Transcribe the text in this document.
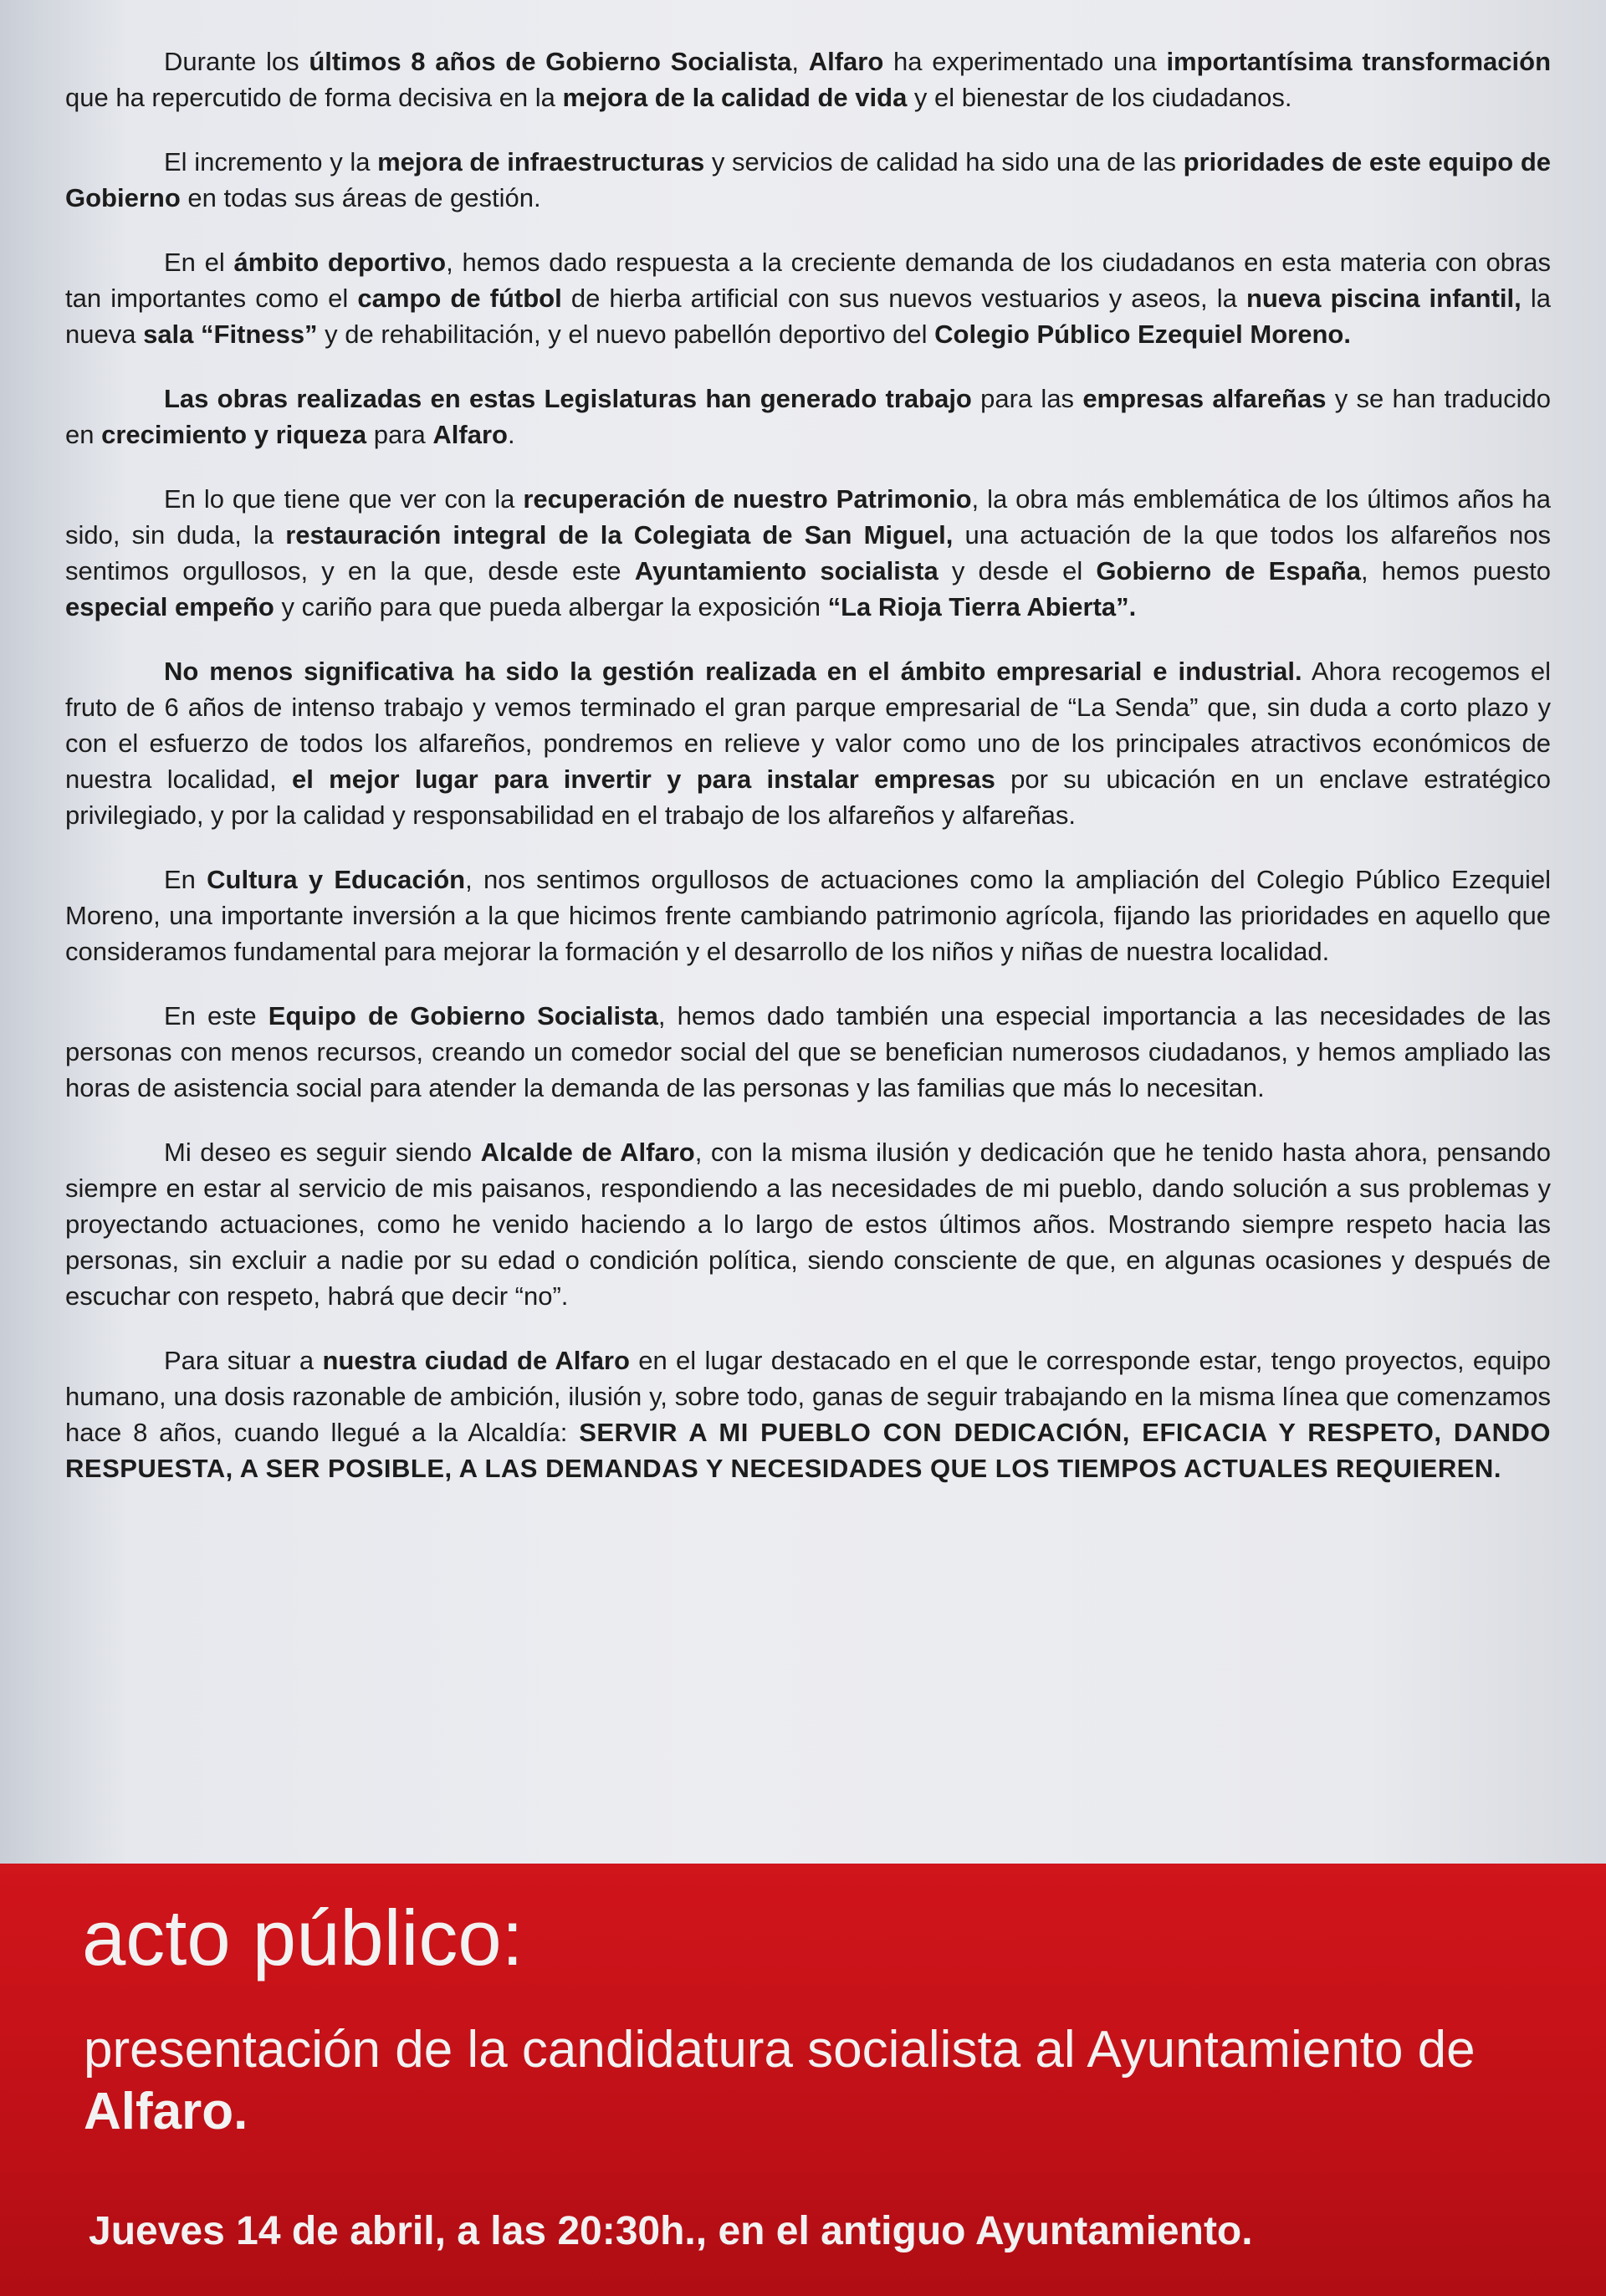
Durante los últimos 8 años de Gobierno Socialista, Alfaro ha experimentado una importantísima transformación que ha repercutido de forma decisiva en la mejora de la calidad de vida y el bienestar de los ciudadanos.

El incremento y la mejora de infraestructuras y servicios de calidad ha sido una de las prioridades de este equipo de Gobierno en todas sus áreas de gestión.

En el ámbito deportivo, hemos dado respuesta a la creciente demanda de los ciudadanos en esta materia con obras tan importantes como el campo de fútbol de hierba artificial con sus nuevos vestuarios y aseos, la nueva piscina infantil, la nueva sala “Fitness” y de rehabilitación, y el nuevo pabellón deportivo del Colegio Público Ezequiel Moreno.

Las obras realizadas en estas Legislaturas han generado trabajo para las empresas alfareñas y se han traducido en crecimiento y riqueza para Alfaro.

En lo que tiene que ver con la recuperación de nuestro Patrimonio, la obra más emblemática de los últimos años ha sido, sin duda, la restauración integral de la Colegiata de San Miguel, una actuación de la que todos los alfareños nos sentimos orgullosos, y en la que, desde este Ayuntamiento socialista y desde el Gobierno de España, hemos puesto especial empeño y cariño para que pueda albergar la exposición “La Rioja Tierra Abierta”.

No menos significativa ha sido la gestión realizada en el ámbito empresarial e industrial. Ahora recogemos el fruto de 6 años de intenso trabajo y vemos terminado el gran parque empresarial de “La Senda” que, sin duda a corto plazo y con el esfuerzo de todos los alfareños, pondremos en relieve y valor como uno de los principales atractivos económicos de nuestra localidad, el mejor lugar para invertir y para instalar empresas por su ubicación en un enclave estratégico privilegiado, y por la calidad y responsabilidad en el trabajo de los alfareños y alfareñas.

En Cultura y Educación, nos sentimos orgullosos de actuaciones como la ampliación del Colegio Público Ezequiel Moreno, una importante inversión a la que hicimos frente cambiando patrimonio agrícola, fijando las prioridades en aquello que consideramos fundamental para mejorar la formación y el desarrollo de los niños y niñas de nuestra localidad.

En este Equipo de Gobierno Socialista, hemos dado también una especial importancia a las necesidades de las personas con menos recursos, creando un comedor social del que se benefician numerosos ciudadanos, y hemos ampliado las horas de asistencia social para atender la demanda de las personas y las familias que más lo necesitan.

Mi deseo es seguir siendo Alcalde de Alfaro, con la misma ilusión y dedicación que he tenido hasta ahora, pensando siempre en estar al servicio de mis paisanos, respondiendo a las necesidades de mi pueblo, dando solución a sus problemas y proyectando actuaciones, como he venido haciendo a lo largo de estos últimos años. Mostrando siempre respeto hacia las personas, sin excluir a nadie por su edad o condición política, siendo consciente de que, en algunas ocasiones y después de escuchar con respeto, habrá que decir “no”.

Para situar a nuestra ciudad de Alfaro en el lugar destacado en el que le corresponde estar, tengo proyectos, equipo humano, una dosis razonable de ambición, ilusión y, sobre todo, ganas de seguir trabajando en la misma línea que comenzamos hace 8 años, cuando llegué a la Alcaldía: SERVIR A MI PUEBLO CON DEDICACIÓN, EFICACIA Y RESPETO, DANDO RESPUESTA, A SER POSIBLE, A LAS DEMANDAS Y NECESIDADES QUE LOS TIEMPOS ACTUALES REQUIEREN.

acto público:
presentación de la candidatura socialista al Ayuntamiento de Alfaro.
Jueves 14 de abril, a las 20:30h., en el antiguo Ayuntamiento.
